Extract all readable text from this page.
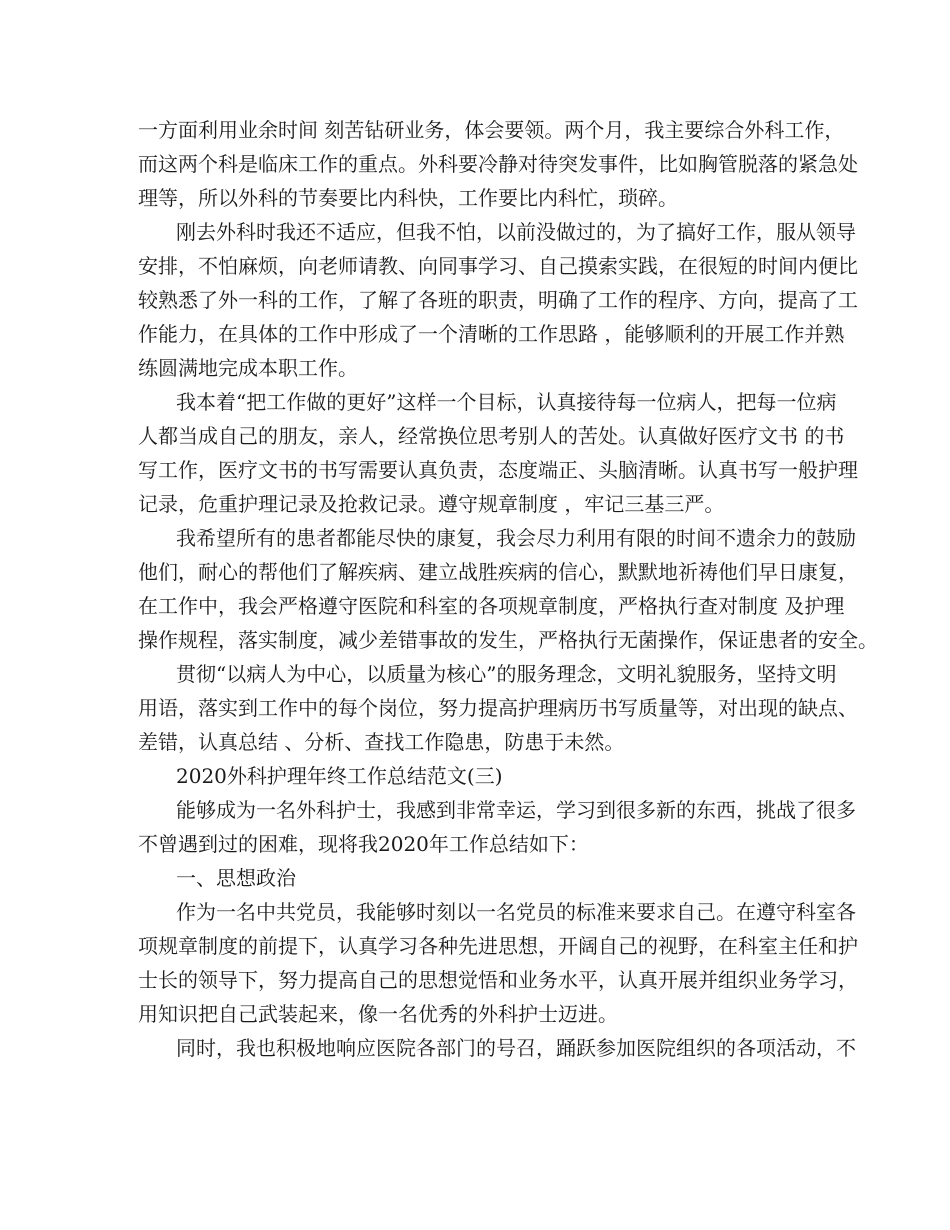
一方面利用业余时间 刻苦钻研业务，体会要领。两个月，我主要综合外科工作，
而这两个科是临床工作的重点。外科要冷静对待突发事件，比如胸管脱落的紧急处
理等，所以外科的节奏要比内科快，工作要比内科忙，琐碎。
刚去外科时我还不适应，但我不怕，以前没做过的，为了搞好工作，服从领导
安排，不怕麻烦，向老师请教、向同事学习、自己摸索实践，在很短的时间内便比
较熟悉了外一科的工作，了解了各班的职责，明确了工作的程序、方向，提高了工
作能力，在具体的工作中形成了一个清晰的工作思路 ，能够顺利的开展工作并熟
练圆满地完成本职工作。
我本着“把工作做的更好”这样一个目标，认真接待每一位病人，把每一位病
人都当成自己的朋友，亲人，经常换位思考别人的苦处。认真做好医疗文书 的书
写工作，医疗文书的书写需要认真负责，态度端正、头脑清晰。认真书写一般护理
记录，危重护理记录及抢救记录。遵守规章制度 ，牢记三基三严。
我希望所有的患者都能尽快的康复，我会尽力利用有限的时间不遗余力的鼓励
他们，耐心的帮他们了解疾病、建立战胜疾病的信心，默默地祈祷他们早日康复，
在工作中，我会严格遵守医院和科室的各项规章制度，严格执行查对制度 及护理
操作规程，落实制度，减少差错事故的发生，严格执行无菌操作，保证患者的安全。
贯彻“以病人为中心，以质量为核心”的服务理念，文明礼貌服务，坚持文明
用语，落实到工作中的每个岗位，努力提高护理病历书写质量等，对出现的缺点、
差错，认真总结 、分析、查找工作隐患，防患于未然。
2020外科护理年终工作总结范文(三)
能够成为一名外科护士，我感到非常幸运，学习到很多新的东西，挑战了很多
不曾遇到过的困难，现将我2020年工作总结如下：
一、思想政治
作为一名中共党员，我能够时刻以一名党员的标准来要求自己。在遵守科室各
项规章制度的前提下，认真学习各种先进思想，开阔自己的视野，在科室主任和护
士长的领导下，努力提高自己的思想觉悟和业务水平，认真开展并组织业务学习，
用知识把自己武装起来，像一名优秀的外科护士迈进。
同时，我也积极地响应医院各部门的号召，踊跃参加医院组织的各项活动，不
